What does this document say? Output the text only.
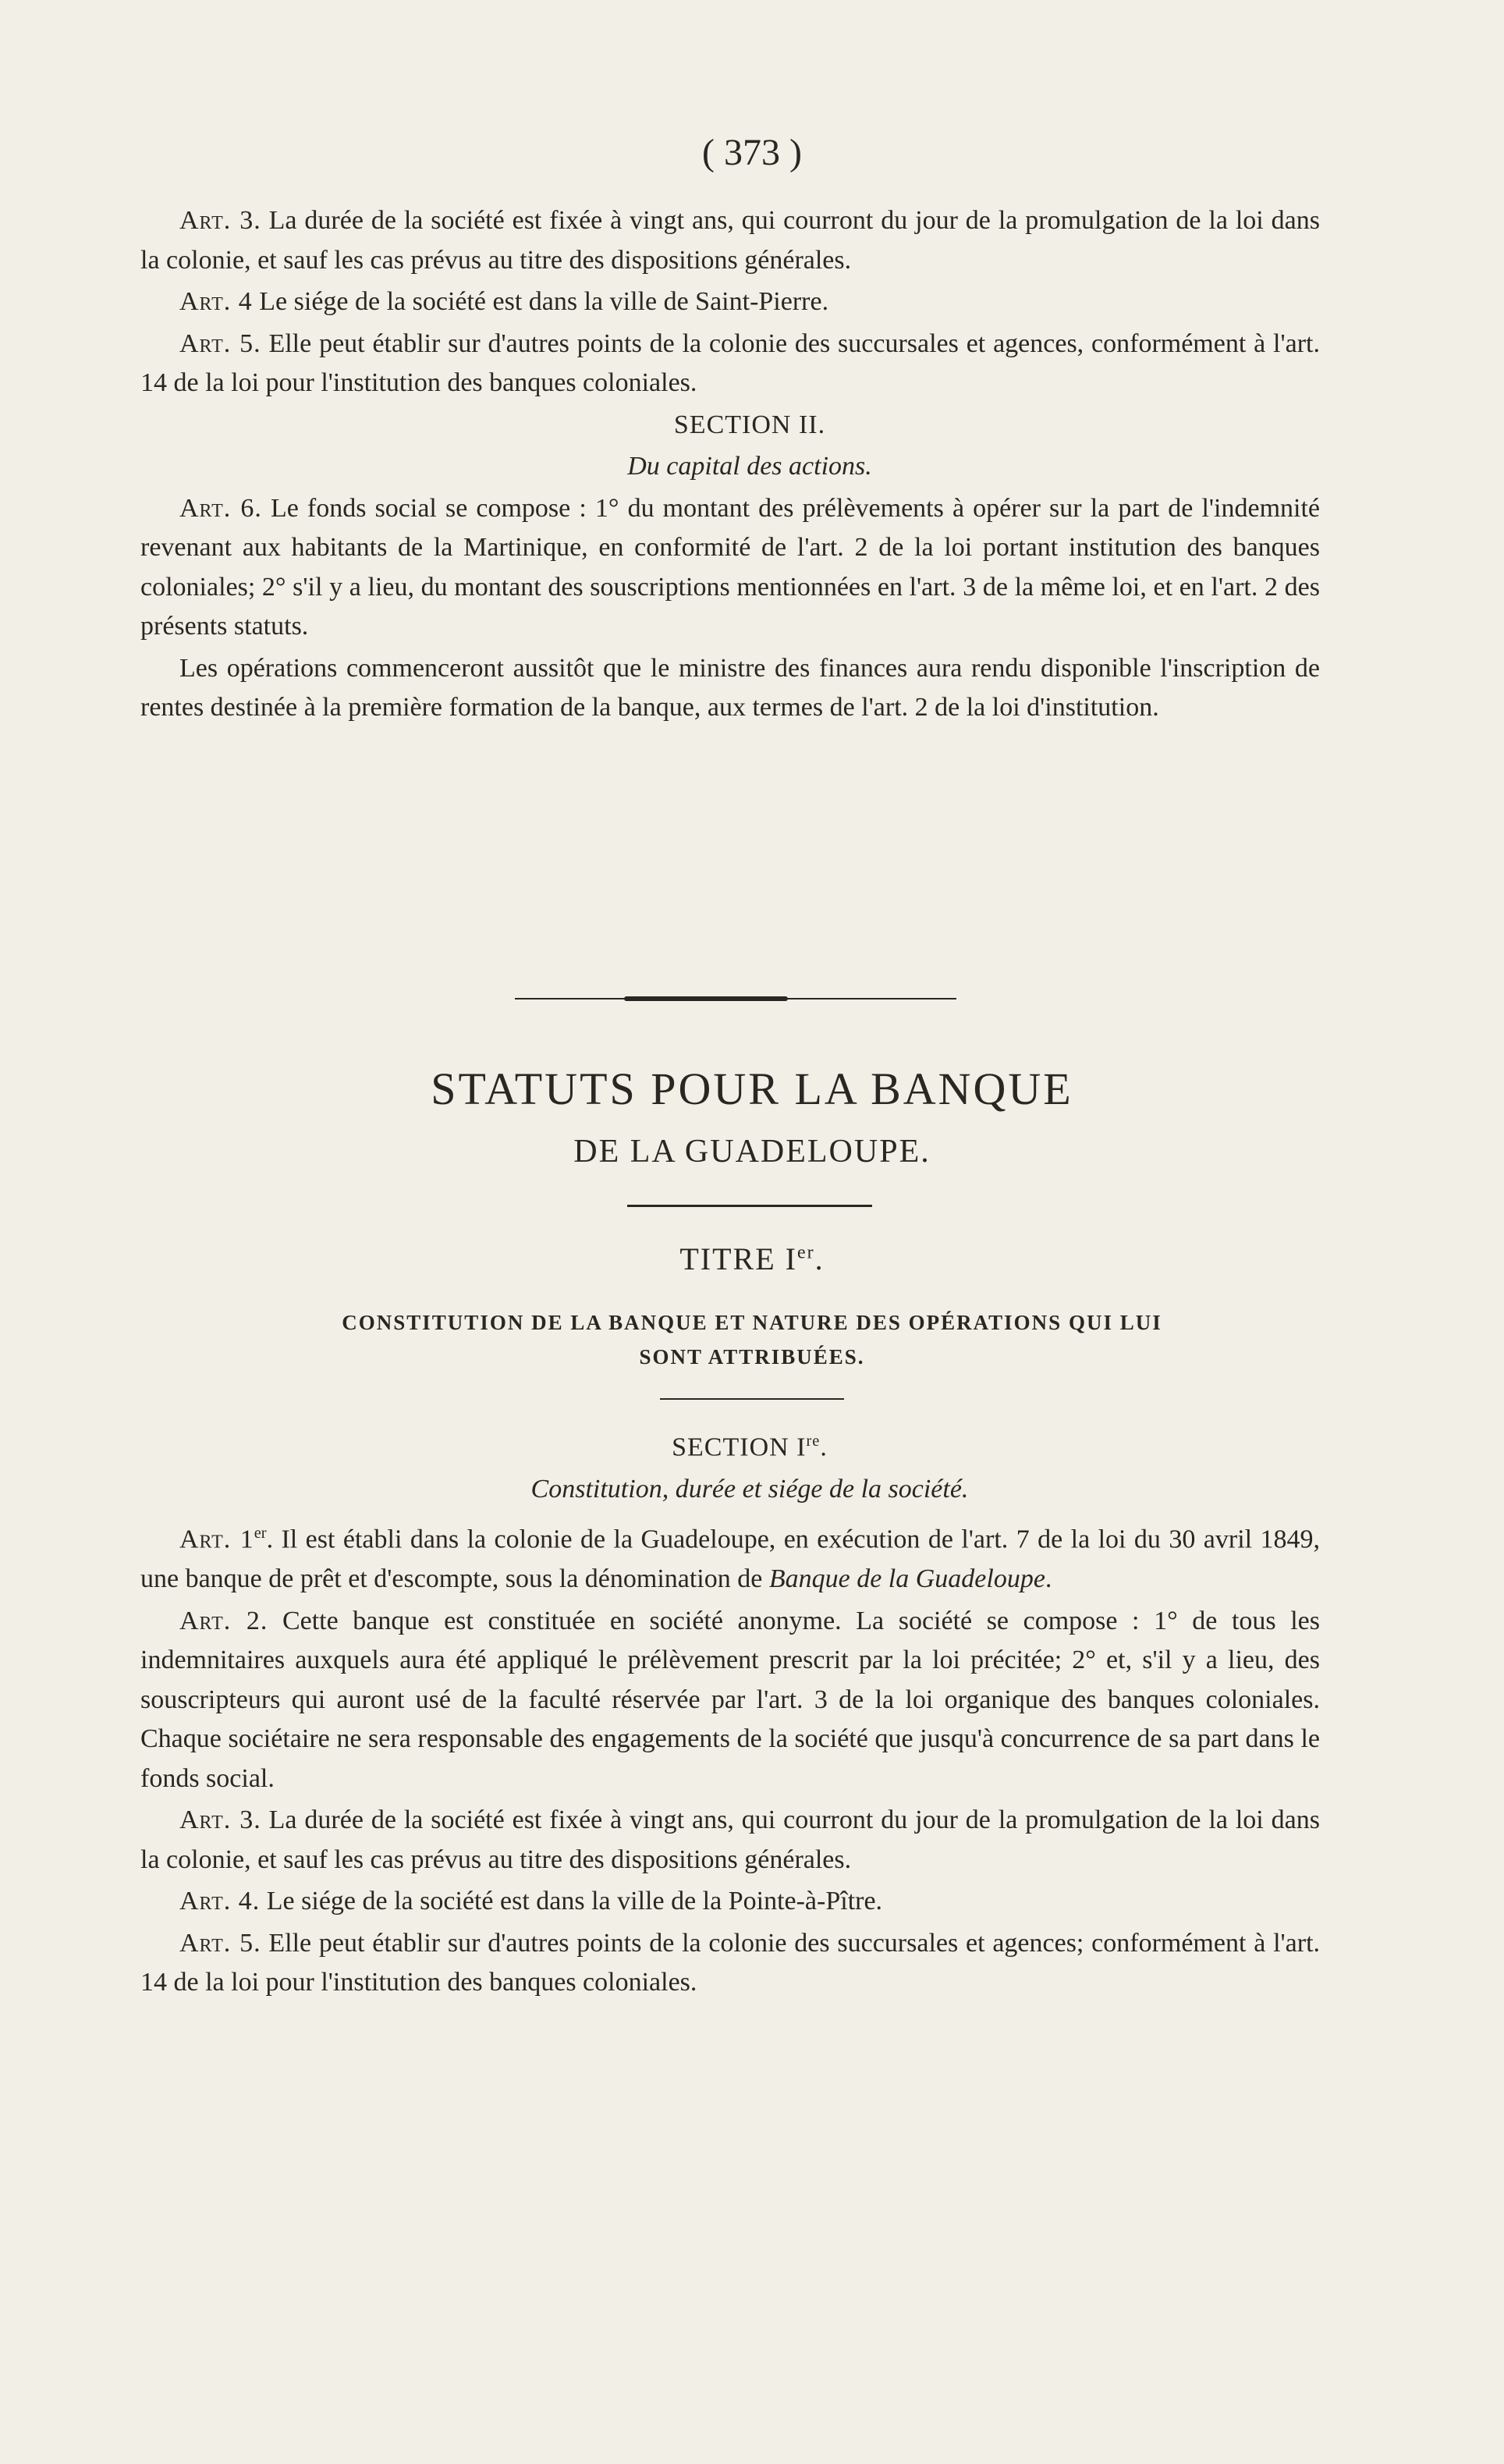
( 373 )

Art. 3. La durée de la société est fixée à vingt ans, qui courront du jour de la promulgation de la loi dans la colonie, et sauf les cas prévus au titre des dispositions générales.

Art. 4 Le siége de la société est dans la ville de Saint-Pierre.

Art. 5. Elle peut établir sur d'autres points de la colonie des succursales et agences, conformément à l'art. 14 de la loi pour l'institution des banques coloniales.

SECTION II.

Du capital des actions.

Art. 6. Le fonds social se compose : 1° du montant des prélèvements à opérer sur la part de l'indemnité revenant aux habitants de la Martinique, en conformité de l'art. 2 de la loi portant institution des banques coloniales; 2° s'il y a lieu, du montant des souscriptions mentionnées en l'art. 3 de la même loi, et en l'art. 2 des présents statuts.

Les opérations commenceront aussitôt que le ministre des finances aura rendu disponible l'inscription de rentes destinée à la première formation de la banque, aux termes de l'art. 2 de la loi d'institution.

STATUTS POUR LA BANQUE
DE LA GUADELOUPE.
TITRE Ier.
CONSTITUTION DE LA BANQUE ET NATURE DES OPÉRATIONS QUI LUI
SONT ATTRIBUÉES.

SECTION Ire.

Constitution, durée et siége de la société.

Art. 1er. Il est établi dans la colonie de la Guadeloupe, en exécution de l'art. 7 de la loi du 30 avril 1849, une banque de prêt et d'escompte, sous la dénomination de Banque de la Guadeloupe.

Art. 2. Cette banque est constituée en société anonyme. La société se compose : 1° de tous les indemnitaires auxquels aura été appliqué le prélèvement prescrit par la loi précitée; 2° et, s'il y a lieu, des souscripteurs qui auront usé de la faculté réservée par l'art. 3 de la loi organique des banques coloniales. Chaque sociétaire ne sera responsable des engagements de la société que jusqu'à concurrence de sa part dans le fonds social.

Art. 3. La durée de la société est fixée à vingt ans, qui courront du jour de la promulgation de la loi dans la colonie, et sauf les cas prévus au titre des dispositions générales.

Art. 4. Le siége de la société est dans la ville de la Pointe-à-Pître.

Art. 5. Elle peut établir sur d'autres points de la colonie des succursales et agences; conformément à l'art. 14 de la loi pour l'institution des banques coloniales.
